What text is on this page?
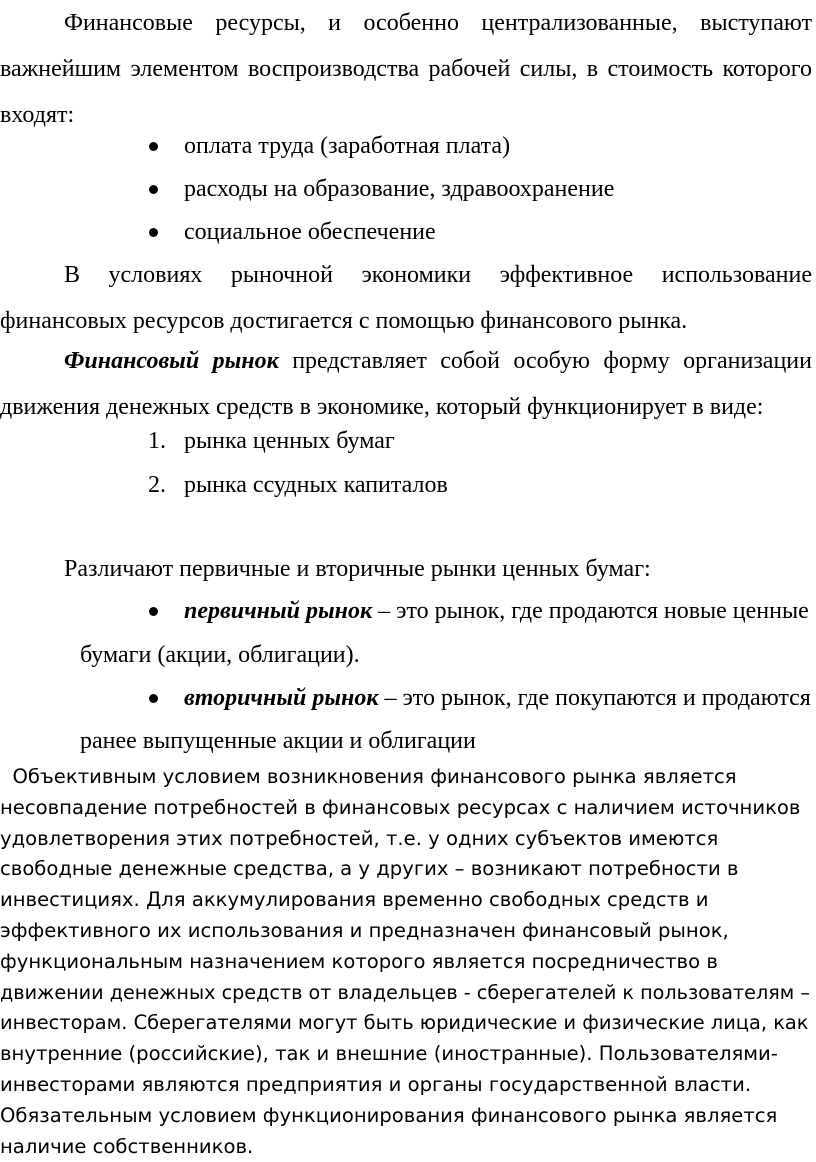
Финансовые ресурсы, и особенно централизованные, выступают важнейшим элементом воспроизводства рабочей силы, в стоимость которого входят:

оплата труда (заработная плата)
расходы на образование, здравоохранение
социальное обеспечение

В условиях рыночной экономики эффективное использование финансовых ресурсов достигается с помощью финансового рынка.

Финансовый рынок представляет собой особую форму организации движения денежных средств в экономике, который функционирует в виде:

1. рынка ценных бумаг
2. рынка ссудных капиталов

Различают первичные и вторичные рынки ценных бумаг:

первичный рынок – это рынок, где продаются новые ценные
бумаги (акции, облигации).
вторичный рынок – это рынок, где покупаются и продаются
ранее выпущенные акции и облигации
Объективным условием возникновения финансового рынка является
несовпадение потребностей в финансовых ресурсах с наличием источников
удовлетворения этих потребностей, т.е. у одних субъектов имеются
свободные денежные средства, а у других – возникают потребности в
инвестициях. Для аккумулирования временно свободных средств и
эффективного их использования и предназначен финансовый рынок,
функциональным назначением которого является посредничество в
движении денежных средств от владельцев - сберегателей к пользователям –
инвесторам. Сберегателями могут быть юридические и физические лица, как
внутренние (российские), так и внешние (иностранные). Пользователями-
инвесторами являются предприятия и органы государственной власти.
Обязательным условием функционирования финансового рынка является
наличие собственников.
